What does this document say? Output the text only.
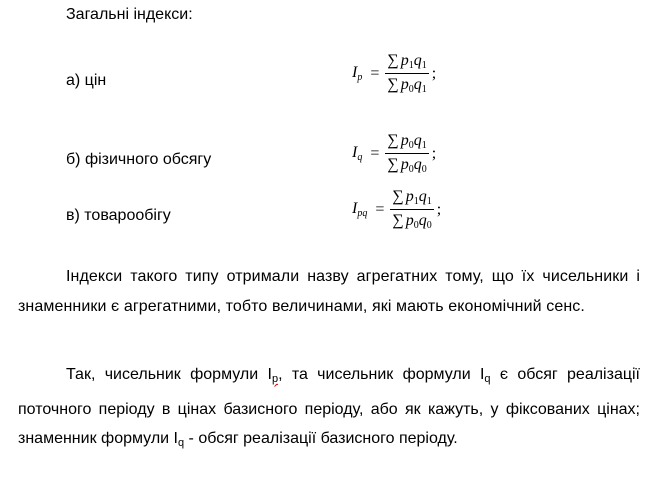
Загальні індекси:
а) цін	$I_p = \frac{\sum p_1q_1}{\sum p_0q_1}$ ;
б) фізичного обсягу	$I_q = \frac{\sum p_0q_1}{\sum p_0q_0}$ ;
в) товарообігу	$I_{pq} = \frac{\sum p_1q_1}{\sum p_0q_0}$ ;
Індекси такого типу отримали назву агрегатних тому, що їх чисельники і знаменники є агрегатними, тобто величинами, які мають економічний сенс.
Так, чисельник формули $I_p$, та чисельник формули $I_q$ є обсяг реалізації поточного періоду в цінах базисного періоду, або як кажуть, у фіксованих цінах; знаменник формули $I_q$ - обсяг реалізації базисного періоду.
